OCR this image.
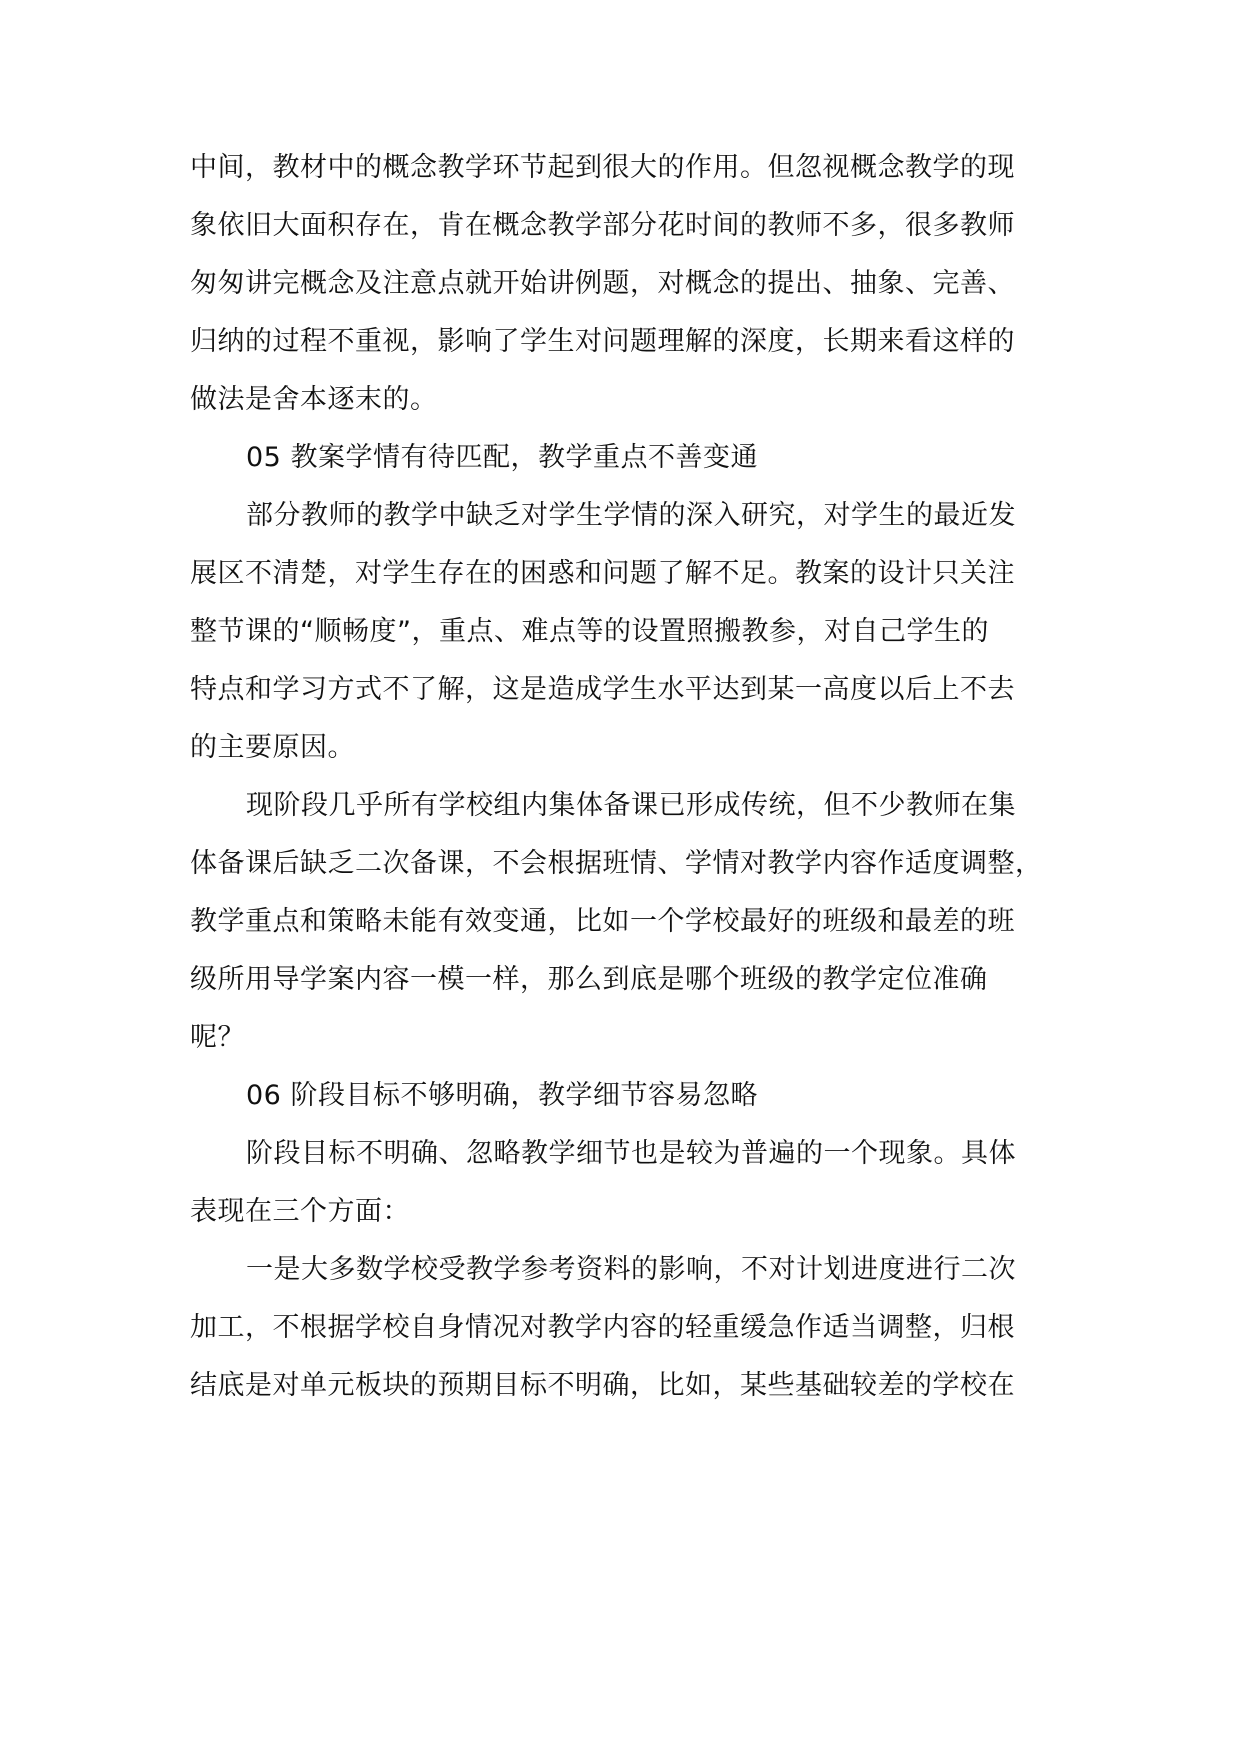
中间，教材中的概念教学环节起到很大的作用。但忽视概念教学的现
象依旧大面积存在，肯在概念教学部分花时间的教师不多，很多教师
匆匆讲完概念及注意点就开始讲例题，对概念的提出、抽象、完善、
归纳的过程不重视，影响了学生对问题理解的深度，长期来看这样的
做法是舍本逐末的。
05 教案学情有待匹配，教学重点不善变通
部分教师的教学中缺乏对学生学情的深入研究，对学生的最近发
展区不清楚，对学生存在的困惑和问题了解不足。教案的设计只关注
整节课的“顺畅度”，重点、难点等的设置照搬教参，对自己学生的
特点和学习方式不了解，这是造成学生水平达到某一高度以后上不去
的主要原因。
现阶段几乎所有学校组内集体备课已形成传统，但不少教师在集
体备课后缺乏二次备课，不会根据班情、学情对教学内容作适度调整，
教学重点和策略未能有效变通，比如一个学校最好的班级和最差的班
级所用导学案内容一模一样，那么到底是哪个班级的教学定位准确
呢？
06 阶段目标不够明确，教学细节容易忽略
阶段目标不明确、忽略教学细节也是较为普遍的一个现象。具体
表现在三个方面：
一是大多数学校受教学参考资料的影响，不对计划进度进行二次
加工，不根据学校自身情况对教学内容的轻重缓急作适当调整，归根
结底是对单元板块的预期目标不明确，比如，某些基础较差的学校在
